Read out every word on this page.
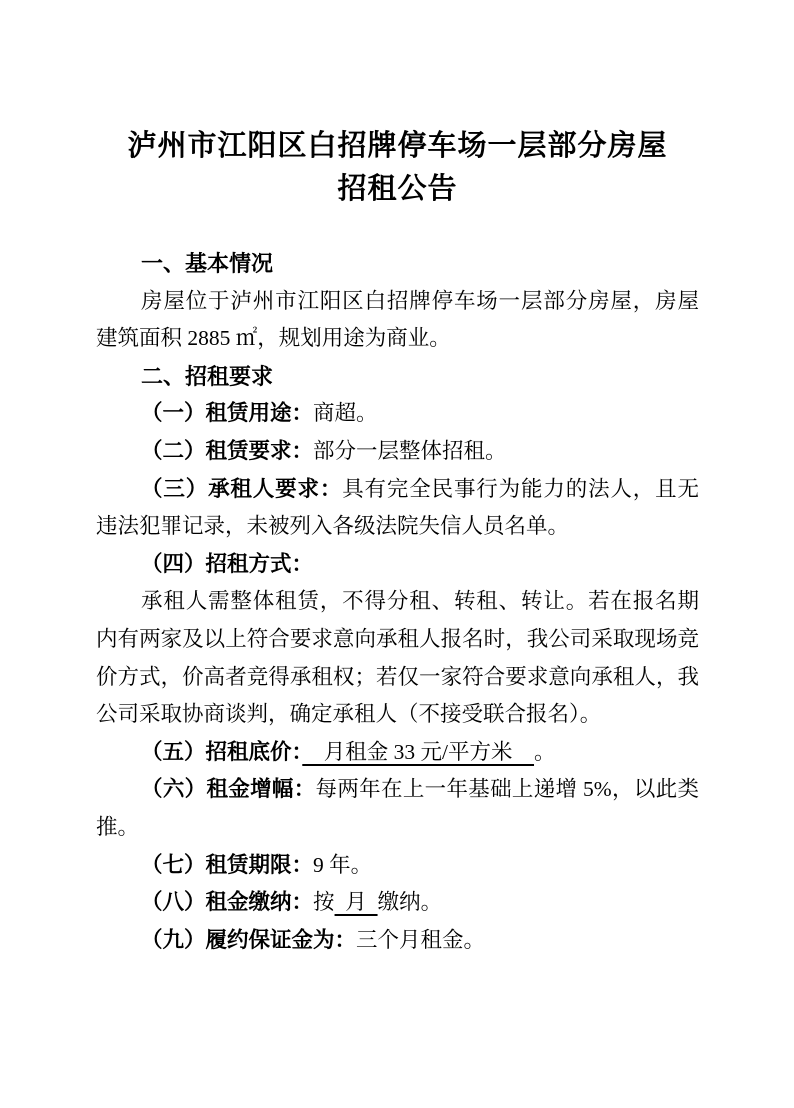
泸州市江阳区白招牌停车场一层部分房屋
招租公告
一、基本情况
房屋位于泸州市江阳区白招牌停车场一层部分房屋，房屋建筑面积 2885 ㎡，规划用途为商业。
二、招租要求
（一）租赁用途：商超。
（二）租赁要求：部分一层整体招租。
（三）承租人要求：具有完全民事行为能力的法人，且无违法犯罪记录，未被列入各级法院失信人员名单。
（四）招租方式：
承租人需整体租赁，不得分租、转租、转让。若在报名期内有两家及以上符合要求意向承租人报名时，我公司采取现场竞价方式，价高者竞得承租权；若仅一家符合要求意向承租人，我公司采取协商谈判，确定承租人（不接受联合报名）。
（五）招租底价：　月租金 33 元/平方米　。
（六）租金增幅：每两年在上一年基础上递增 5%，以此类推。
（七）租赁期限：9 年。
（八）租金缴纳：按  月  缴纳。
（九）履约保证金为：三个月租金。
